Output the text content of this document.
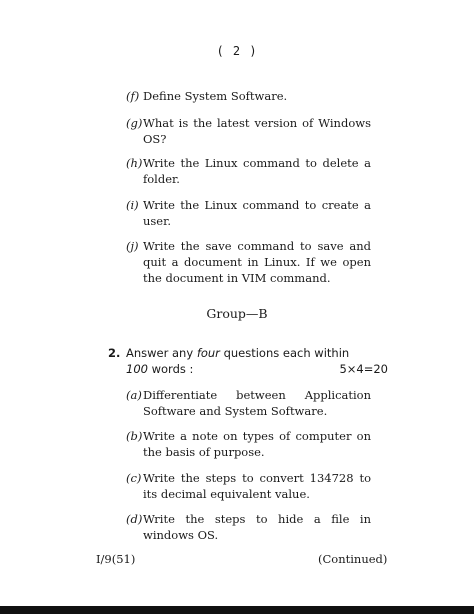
( 2 )
(f) Define System Software.
(g) What is the latest version of Windows OS?
(h) Write the Linux command to delete a folder.
(i) Write the Linux command to create a user.
(j) Write the save command to save and quit a document in Linux. If we open the document in VIM command.
Group—B
2. Answer any four questions each within
100 words :	5×4=20
(a) Differentiate between Application Software and System Software.
(b) Write a note on types of computer on the basis of purpose.
(c) Write the steps to convert 134728 to its decimal equivalent value.
(d) Write the steps to hide a file in windows OS.
I/9(51)	(Continued)
